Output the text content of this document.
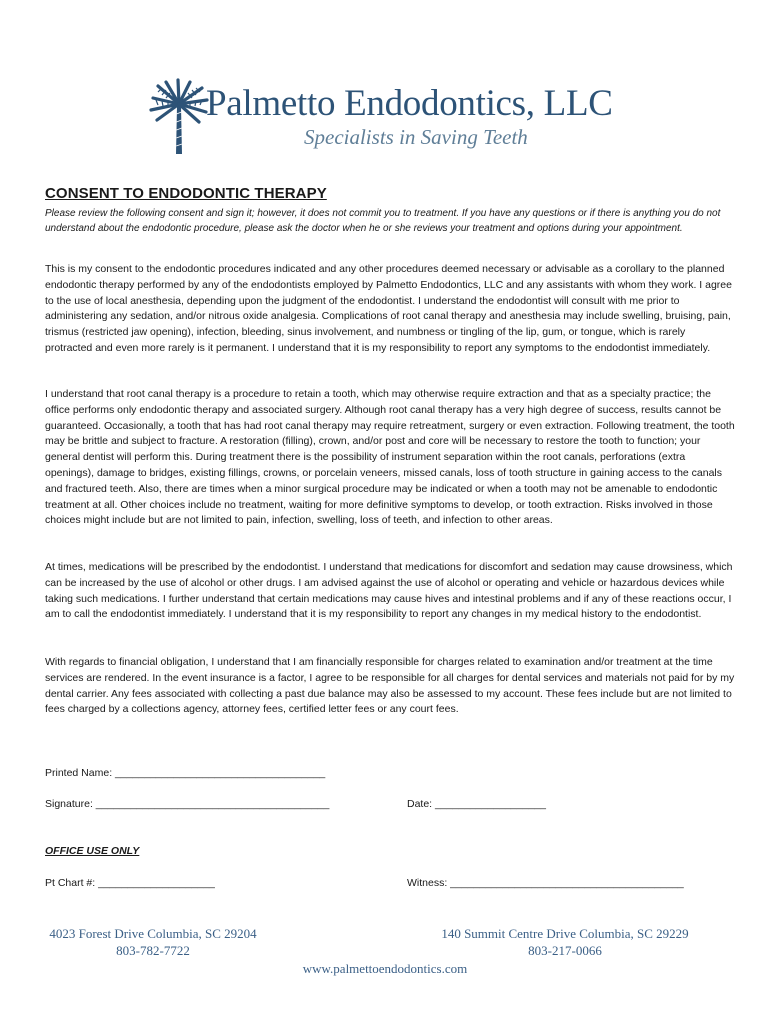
Palmetto Endodontics, LLC
Specialists in Saving Teeth
CONSENT TO ENDODONTIC THERAPY
Please review the following consent and sign it; however, it does not commit you to treatment. If you have any questions or if there is anything you do not understand about the endodontic procedure, please ask the doctor when he or she reviews your treatment and options during your appointment.
This is my consent to the endodontic procedures indicated and any other procedures deemed necessary or advisable as a corollary to the planned endodontic therapy performed by any of the endodontists employed by Palmetto Endodontics, LLC and any assistants with whom they work. I agree to the use of local anesthesia, depending upon the judgment of the endodontist. I understand the endodontist will consult with me prior to administering any sedation, and/or nitrous oxide analgesia. Complications of root canal therapy and anesthesia may include swelling, bruising, pain, trismus (restricted jaw opening), infection, bleeding, sinus involvement, and numbness or tingling of the lip, gum, or tongue, which is rarely protracted and even more rarely is it permanent. I understand that it is my responsibility to report any symptoms to the endodontist immediately.
I understand that root canal therapy is a procedure to retain a tooth, which may otherwise require extraction and that as a specialty practice; the office performs only endodontic therapy and associated surgery. Although root canal therapy has a very high degree of success, results cannot be guaranteed. Occasionally, a tooth that has had root canal therapy may require retreatment, surgery or even extraction. Following treatment, the tooth may be brittle and subject to fracture. A restoration (filling), crown, and/or post and core will be necessary to restore the tooth to function; your general dentist will perform this. During treatment there is the possibility of instrument separation within the root canals, perforations (extra openings), damage to bridges, existing fillings, crowns, or porcelain veneers, missed canals, loss of tooth structure in gaining access to the canals and fractured teeth. Also, there are times when a minor surgical procedure may be indicated or when a tooth may not be amenable to endodontic treatment at all. Other choices include no treatment, waiting for more definitive symptoms to develop, or tooth extraction. Risks involved in those choices might include but are not limited to pain, infection, swelling, loss of teeth, and infection to other areas.
At times, medications will be prescribed by the endodontist. I understand that medications for discomfort and sedation may cause drowsiness, which can be increased by the use of alcohol or other drugs. I am advised against the use of alcohol or operating and vehicle or hazardous devices while taking such medications. I further understand that certain medications may cause hives and intestinal problems and if any of these reactions occur, I am to call the endodontist immediately. I understand that it is my responsibility to report any changes in my medical history to the endodontist.
With regards to financial obligation, I understand that I am financially responsible for charges related to examination and/or treatment at the time services are rendered. In the event insurance is a factor, I agree to be responsible for all charges for dental services and materials not paid for by my dental carrier. Any fees associated with collecting a past due balance may also be assessed to my account. These fees include but are not limited to fees charged by a collections agency, attorney fees, certified letter fees or any court fees.
Printed Name: ____________________________________
Signature: ________________________________________	Date: ___________________
OFFICE USE ONLY
Pt Chart #: ____________________	Witness: ________________________________________
4023 Forest Drive Columbia, SC 29204
803-782-7722
140 Summit Centre Drive Columbia, SC 29229
803-217-0066
www.palmettoendodontics.com
